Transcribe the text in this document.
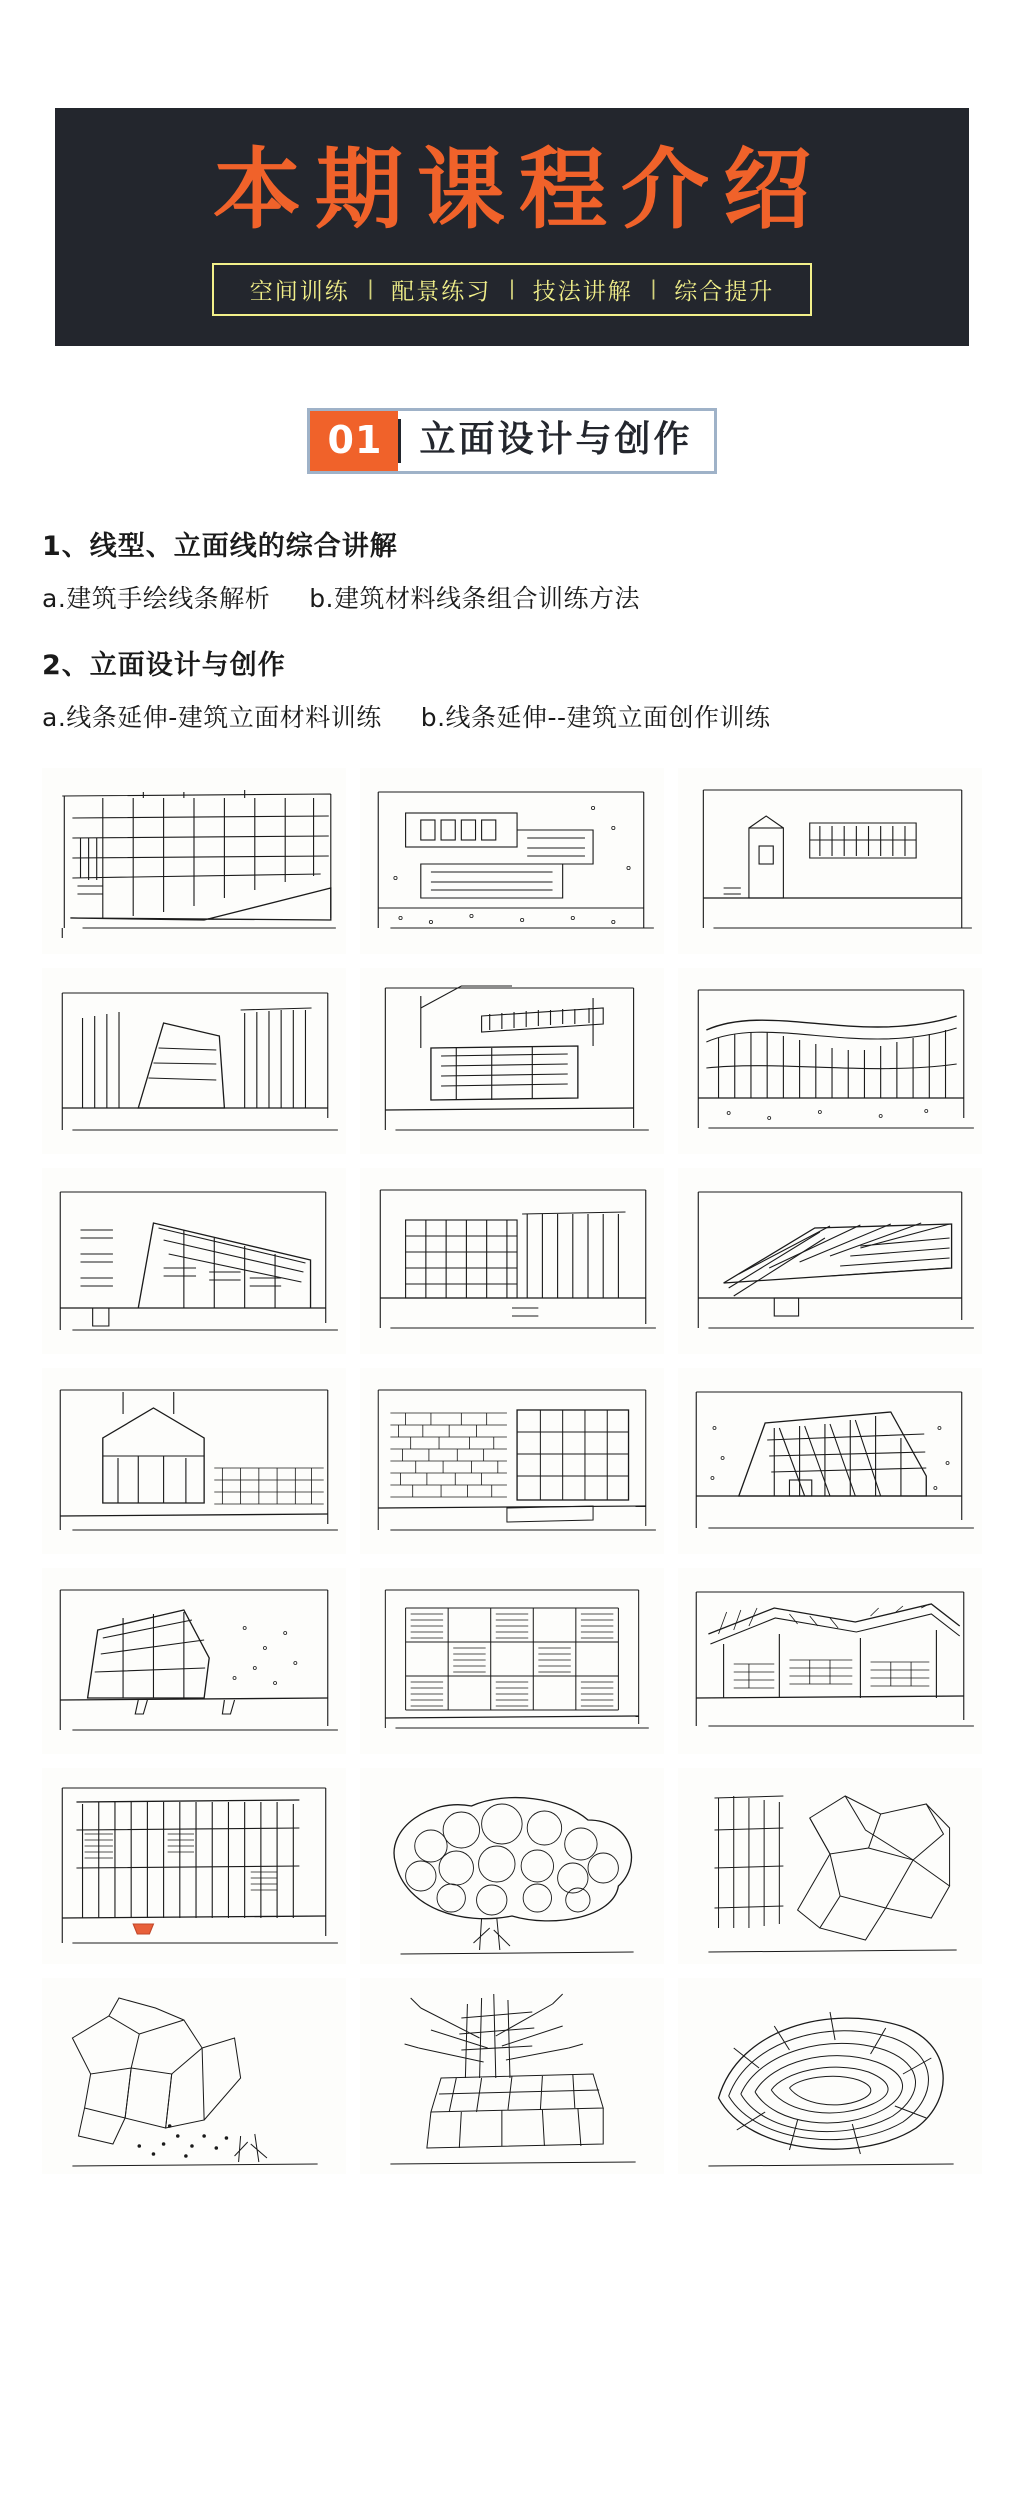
本期课程介绍
空间训练 | 配景练习 | 技法讲解 | 综合提升
01	立面设计与创作

1、线型、立面线的综合讲解

a.建筑手绘线条解析 b.建筑材料线条组合训练方法

2、立面设计与创作

a.线条延伸-建筑立面材料训练 b.线条延伸--建筑立面创作训练
